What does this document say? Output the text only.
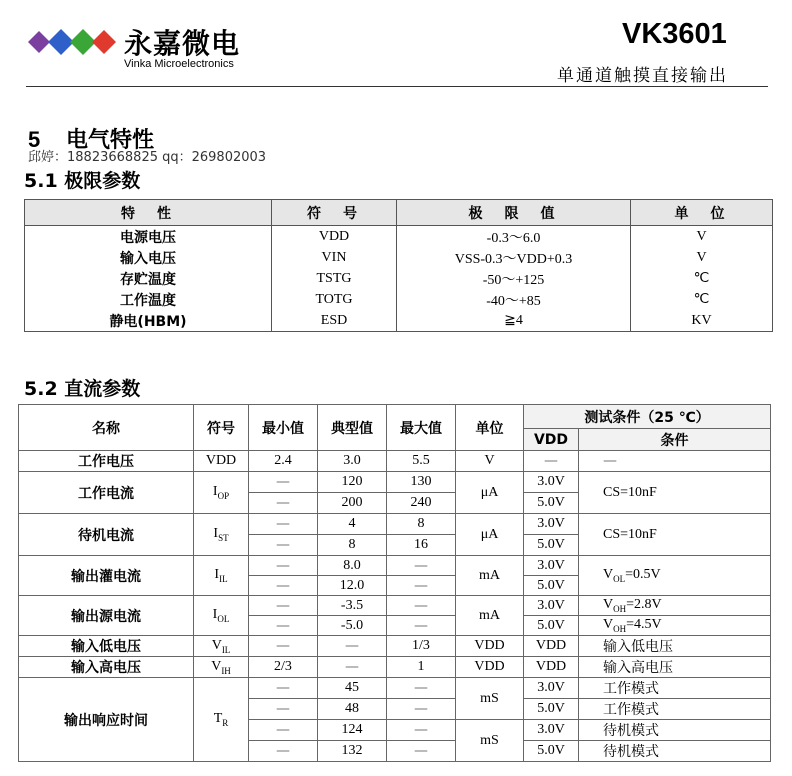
永嘉微电
Vinka Microelectronics
VK3601
单通道触摸直接输出
5 电气特性
邱婷：18823668825 qq：269802003
5.1 极限参数
特　性	符　号	极　限　值	单　位
电源电压	VDD	-0.3～6.0	V
输入电压	VIN	VSS-0.3～VDD+0.3	V
存贮温度	TSTG	-50～+125	℃
工作温度	TOTG	-40～+85	℃
静电(HBM)	ESD	≧4	KV
5.2 直流参数
名称	符号	最小值	典型值	最大值	单位	测试条件（25 ℃）	
						VDD	条件
工作电压	VDD	2.4	3.0	5.5	V	—	—
工作电流	$I_{OP}$	—	120	130	μA	3.0V	CS=10nF
		—	200	240		5.0V	
待机电流	$I_{ST}$	—	4	8	μA	3.0V	CS=10nF
		—	8	16		5.0V	
输出灌电流	$I_{IL}$	—	8.0	—	mA	3.0V	$V_{OL}=0.5V$
		—	12.0	—		5.0V	
输出源电流	$I_{OL}$	—	-3.5	—	mA	3.0V	$V_{OH}=2.8V$
		—	-5.0	—		5.0V	$V_{OH}=4.5V$
输入低电压	$V_{IL}$	—	—	1/3	VDD	VDD	输入低电压
输入高电压	$V_{IH}$	2/3	—	1	VDD	VDD	输入高电压
输出响应时间	$T_R$	—	45	—	mS	3.0V	工作模式
		—	48	—		5.0V	工作模式
		—	124	—	mS	3.0V	待机模式
		—	132	—		5.0V	待机模式
